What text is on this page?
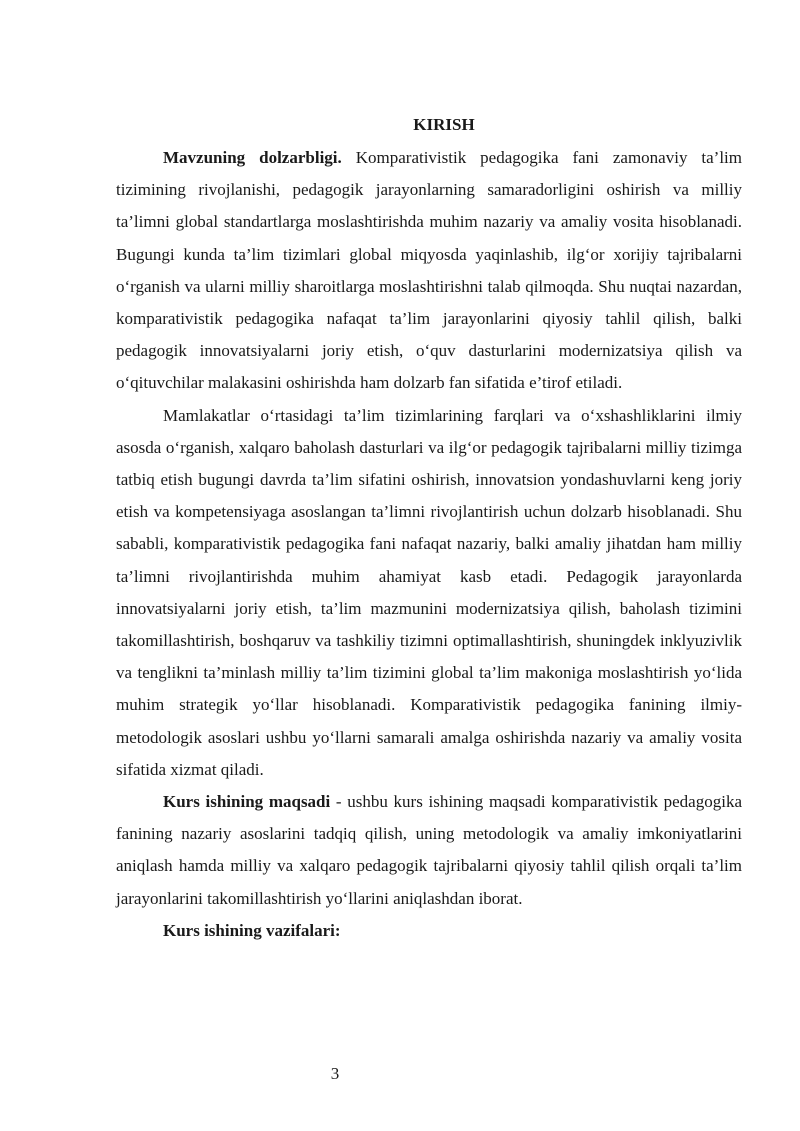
KIRISH

Mavzuning dolzarbligi. Komparativistik pedagogika fani zamonaviy ta’lim tizimining rivojlanishi, pedagogik jarayonlarning samaradorligini oshirish va milliy ta’limni global standartlarga moslashtirishda muhim nazariy va amaliy vosita hisoblanadi. Bugungi kunda ta’lim tizimlari global miqyosda yaqinlashib, ilg‘or xorijiy tajribalarni o‘rganish va ularni milliy sharoitlarga moslashtirishni talab qilmoqda. Shu nuqtai nazardan, komparativistik pedagogika nafaqat ta’lim jarayonlarini qiyosiy tahlil qilish, balki pedagogik innovatsiyalarni joriy etish, o‘quv dasturlarini modernizatsiya qilish va o‘qituvchilar malakasini oshirishda ham dolzarb fan sifatida e’tirof etiladi.

Mamlakatlar o‘rtasidagi ta’lim tizimlarining farqlari va o‘xshashliklarini ilmiy asosda o‘rganish, xalqaro baholash dasturlari va ilg‘or pedagogik tajribalarni milliy tizimga tatbiq etish bugungi davrda ta’lim sifatini oshirish, innovatsion yondashuvlarni keng joriy etish va kompetensiyaga asoslangan ta’limni rivojlantirish uchun dolzarb hisoblanadi. Shu sababli, komparativistik pedagogika fani nafaqat nazariy, balki amaliy jihatdan ham milliy ta’limni rivojlantirishda muhim ahamiyat kasb etadi. Pedagogik jarayonlarda innovatsiyalarni joriy etish, ta’lim mazmunini modernizatsiya qilish, baholash tizimini takomillashtirish, boshqaruv va tashkiliy tizimni optimallashtirish, shuningdek inklyuzivlik va tenglikni ta’minlash milliy ta’lim tizimini global ta’lim makoniga moslashtirish yo‘lida muhim strategik yo‘llar hisoblanadi. Komparativistik pedagogika fanining ilmiy-metodologik asoslari ushbu yo‘llarni samarali amalga oshirishda nazariy va amaliy vosita sifatida xizmat qiladi.

Kurs ishining maqsadi - ushbu kurs ishining maqsadi komparativistik pedagogika fanining nazariy asoslarini tadqiq qilish, uning metodologik va amaliy imkoniyatlarini aniqlash hamda milliy va xalqaro pedagogik tajribalarni qiyosiy tahlil qilish orqali ta’lim jarayonlarini takomillashtirish yo‘llarini aniqlashdan iborat.

Kurs ishining vazifalari:

3
